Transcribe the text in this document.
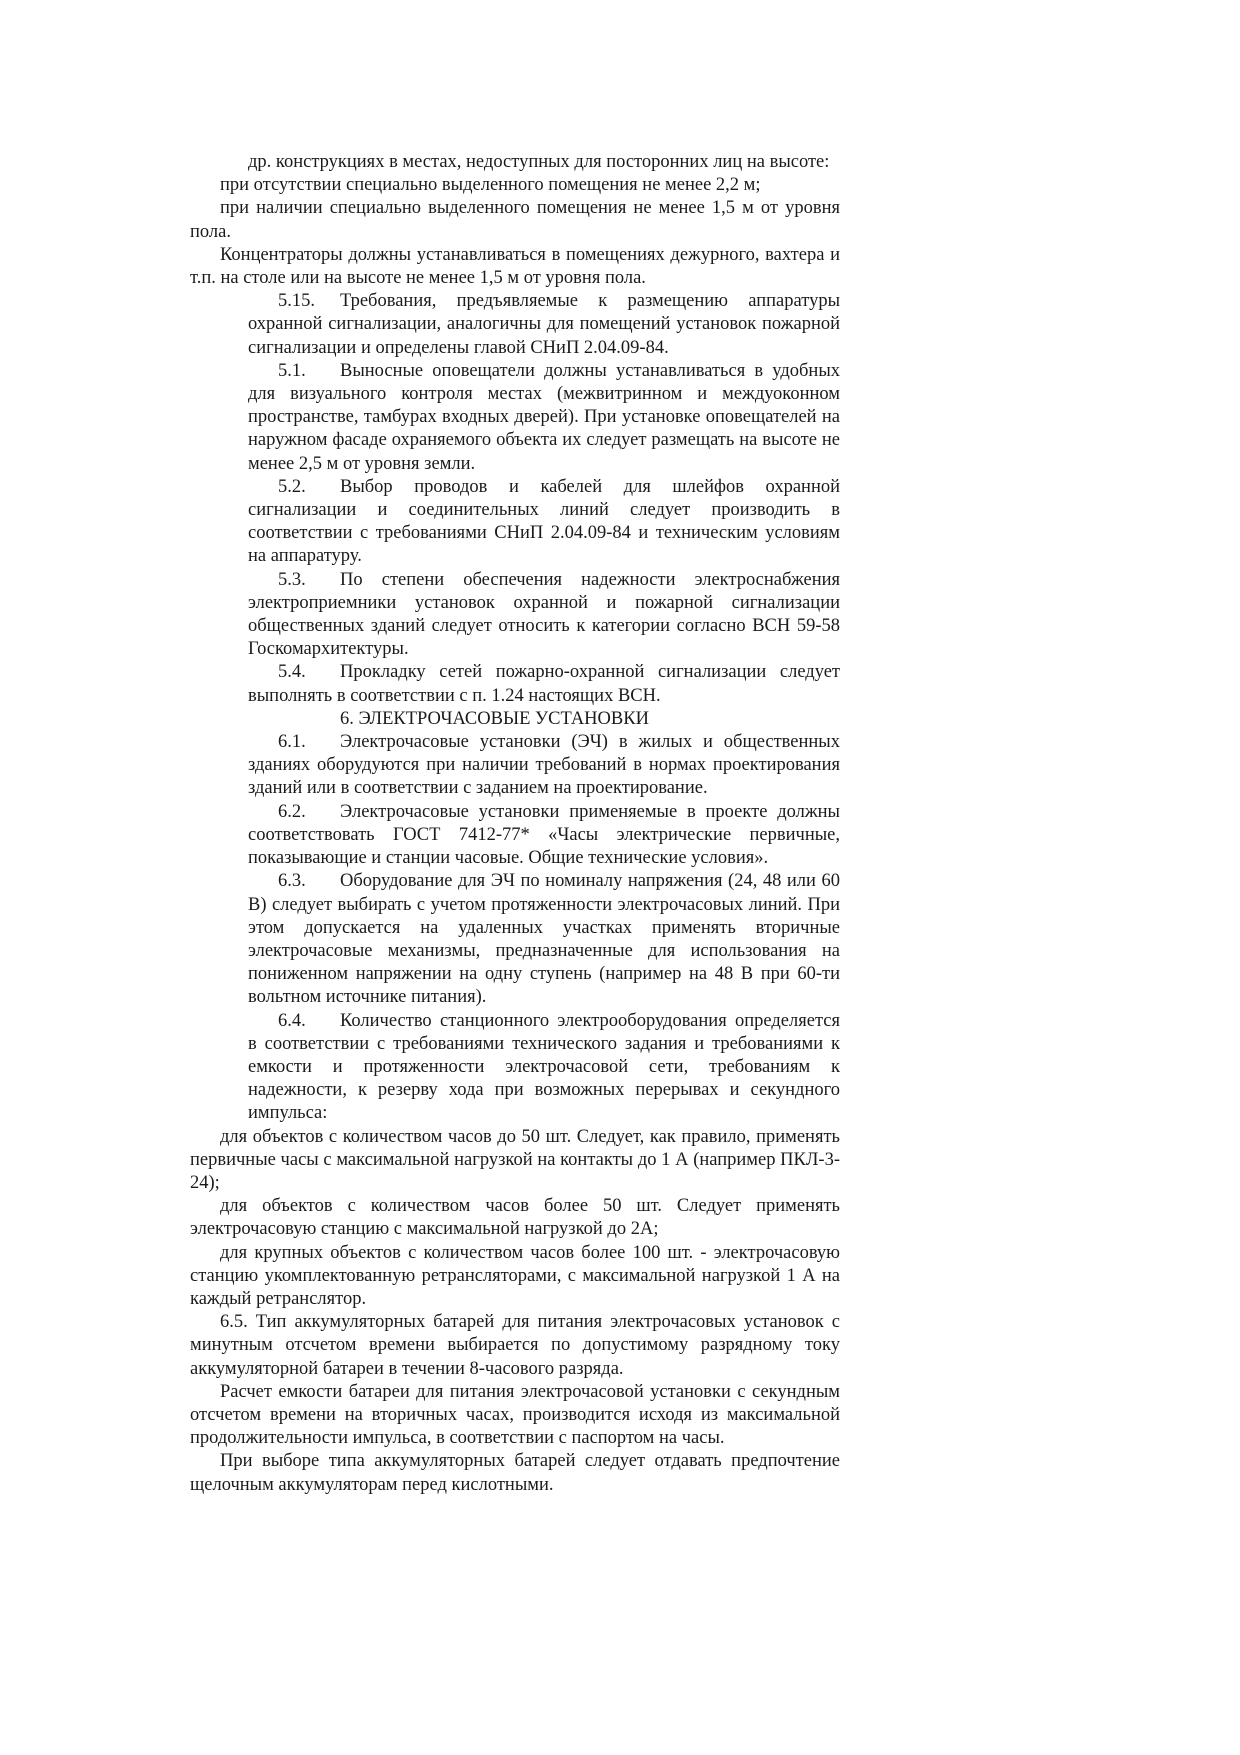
др. конструкциях в местах, недоступных для посторонних лиц на высоте:

при отсутствии специально выделенного помещения не менее 2,2 м;

при наличии специально выделенного помещения не менее 1,5 м от уровня пола.

Концентраторы должны устанавливаться в помещениях дежурного, вахтера и т.п. на столе или на высоте не менее 1,5 м от уровня пола.

5.15. Требования, предъявляемые к размещению аппаратуры охранной сигнализации, аналогичны для помещений установок пожарной сигнализации и определены главой СНиП 2.04.09-84.

5.1. Выносные оповещатели должны устанавливаться в удобных для визуального контроля местах (межвитринном и междуоконном пространстве, тамбурах входных дверей). При установке оповещателей на наружном фасаде охраняемого объекта их следует размещать на высоте не менее 2,5 м от уровня земли.

5.2. Выбор проводов и кабелей для шлейфов охранной сигнализации и соединительных линий следует производить в соответствии с требованиями СНиП 2.04.09-84 и техническим условиям на аппаратуру.

5.3. По степени обеспечения надежности электроснабжения электроприемники установок охранной и пожарной сигнализации общественных зданий следует относить к категории согласно ВСН 59-58 Госкомархитектуры.

5.4. Прокладку сетей пожарно-охранной сигнализации следует выполнять в соответствии с п. 1.24 настоящих ВСН.

6. ЭЛЕКТРОЧАСОВЫЕ УСТАНОВКИ

6.1. Электрочасовые установки (ЭЧ) в жилых и общественных зданиях оборудуются при наличии требований в нормах проектирования зданий или в соответствии с заданием на проектирование.

6.2. Электрочасовые установки применяемые в проекте должны соответствовать ГОСТ 7412-77* «Часы электрические первичные, показывающие и станции часовые. Общие технические условия».

6.3. Оборудование для ЭЧ по номиналу напряжения (24, 48 или 60 В) следует выбирать с учетом протяженности электрочасовых линий. При этом допускается на удаленных участках применять вторичные электрочасовые механизмы, предназначенные для использования на пониженном напряжении на одну ступень (например на 48 В при 60-ти вольтном источнике питания).

6.4. Количество станционного электрооборудования определяется в соответствии с требованиями технического задания и требованиями к емкости и протяженности электрочасовой сети, требованиям к надежности, к резерву хода при возможных перерывах и секундного импульса:

для объектов с количеством часов до 50 шт. Следует, как правило, применять первичные часы с максимальной нагрузкой на контакты до 1 А (например ПКЛ-3-24);

для объектов с количеством часов более 50 шт. Следует применять электрочасовую станцию с максимальной нагрузкой до 2А;

для крупных объектов с количеством часов более 100 шт. - электрочасовую станцию укомплектованную ретрансляторами, с максимальной нагрузкой 1 А на каждый ретранслятор.

6.5. Тип аккумуляторных батарей для питания электрочасовых установок с минутным отсчетом времени выбирается по допустимому разрядному току аккумуляторной батареи в течении 8-часового разряда.

Расчет емкости батареи для питания электрочасовой установки с секундным отсчетом времени на вторичных часах, производится исходя из максимальной продолжительности импульса, в соответствии с паспортом на часы.

При выборе типа аккумуляторных батарей следует отдавать предпочтение щелочным аккумуляторам перед кислотными.
